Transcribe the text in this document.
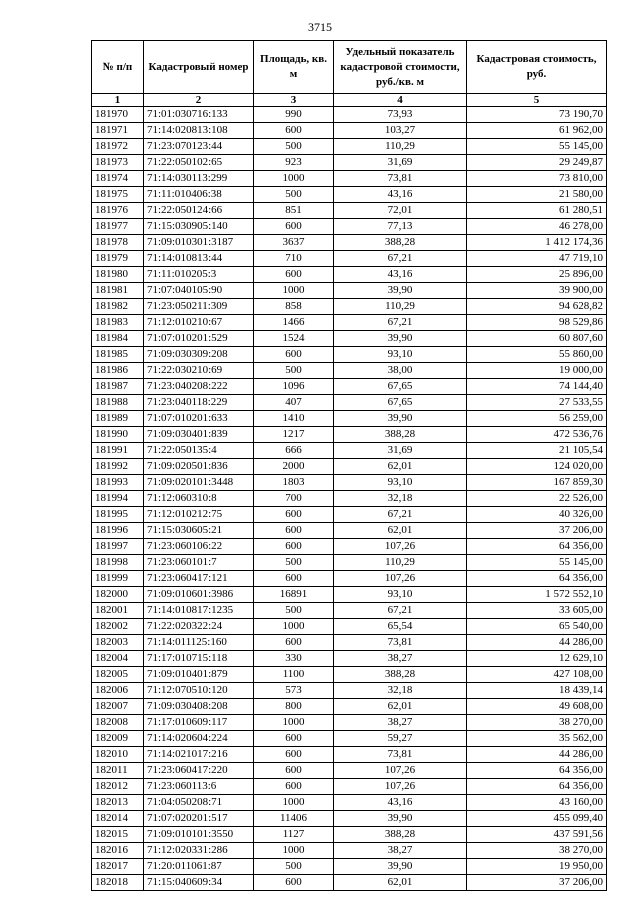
3715
№ п/п	Кадастровый номер	Площадь, кв. м	Удельный показатель кадастровой стоимости, руб./кв. м	Кадастровая стоимость, руб.
1	2	3	4	5
181970	71:01:030716:133	990	73,93	73 190,70
181971	71:14:020813:108	600	103,27	61 962,00
181972	71:23:070123:44	500	110,29	55 145,00
181973	71:22:050102:65	923	31,69	29 249,87
181974	71:14:030113:299	1000	73,81	73 810,00
181975	71:11:010406:38	500	43,16	21 580,00
181976	71:22:050124:66	851	72,01	61 280,51
181977	71:15:030905:140	600	77,13	46 278,00
181978	71:09:010301:3187	3637	388,28	1 412 174,36
181979	71:14:010813:44	710	67,21	47 719,10
181980	71:11:010205:3	600	43,16	25 896,00
181981	71:07:040105:90	1000	39,90	39 900,00
181982	71:23:050211:309	858	110,29	94 628,82
181983	71:12:010210:67	1466	67,21	98 529,86
181984	71:07:010201:529	1524	39,90	60 807,60
181985	71:09:030309:208	600	93,10	55 860,00
181986	71:22:030210:69	500	38,00	19 000,00
181987	71:23:040208:222	1096	67,65	74 144,40
181988	71:23:040118:229	407	67,65	27 533,55
181989	71:07:010201:633	1410	39,90	56 259,00
181990	71:09:030401:839	1217	388,28	472 536,76
181991	71:22:050135:4	666	31,69	21 105,54
181992	71:09:020501:836	2000	62,01	124 020,00
181993	71:09:020101:3448	1803	93,10	167 859,30
181994	71:12:060310:8	700	32,18	22 526,00
181995	71:12:010212:75	600	67,21	40 326,00
181996	71:15:030605:21	600	62,01	37 206,00
181997	71:23:060106:22	600	107,26	64 356,00
181998	71:23:060101:7	500	110,29	55 145,00
181999	71:23:060417:121	600	107,26	64 356,00
182000	71:09:010601:3986	16891	93,10	1 572 552,10
182001	71:14:010817:1235	500	67,21	33 605,00
182002	71:22:020322:24	1000	65,54	65 540,00
182003	71:14:011125:160	600	73,81	44 286,00
182004	71:17:010715:118	330	38,27	12 629,10
182005	71:09:010401:879	1100	388,28	427 108,00
182006	71:12:070510:120	573	32,18	18 439,14
182007	71:09:030408:208	800	62,01	49 608,00
182008	71:17:010609:117	1000	38,27	38 270,00
182009	71:14:020604:224	600	59,27	35 562,00
182010	71:14:021017:216	600	73,81	44 286,00
182011	71:23:060417:220	600	107,26	64 356,00
182012	71:23:060113:6	600	107,26	64 356,00
182013	71:04:050208:71	1000	43,16	43 160,00
182014	71:07:020201:517	11406	39,90	455 099,40
182015	71:09:010101:3550	1127	388,28	437 591,56
182016	71:12:020331:286	1000	38,27	38 270,00
182017	71:20:011061:87	500	39,90	19 950,00
182018	71:15:040609:34	600	62,01	37 206,00
